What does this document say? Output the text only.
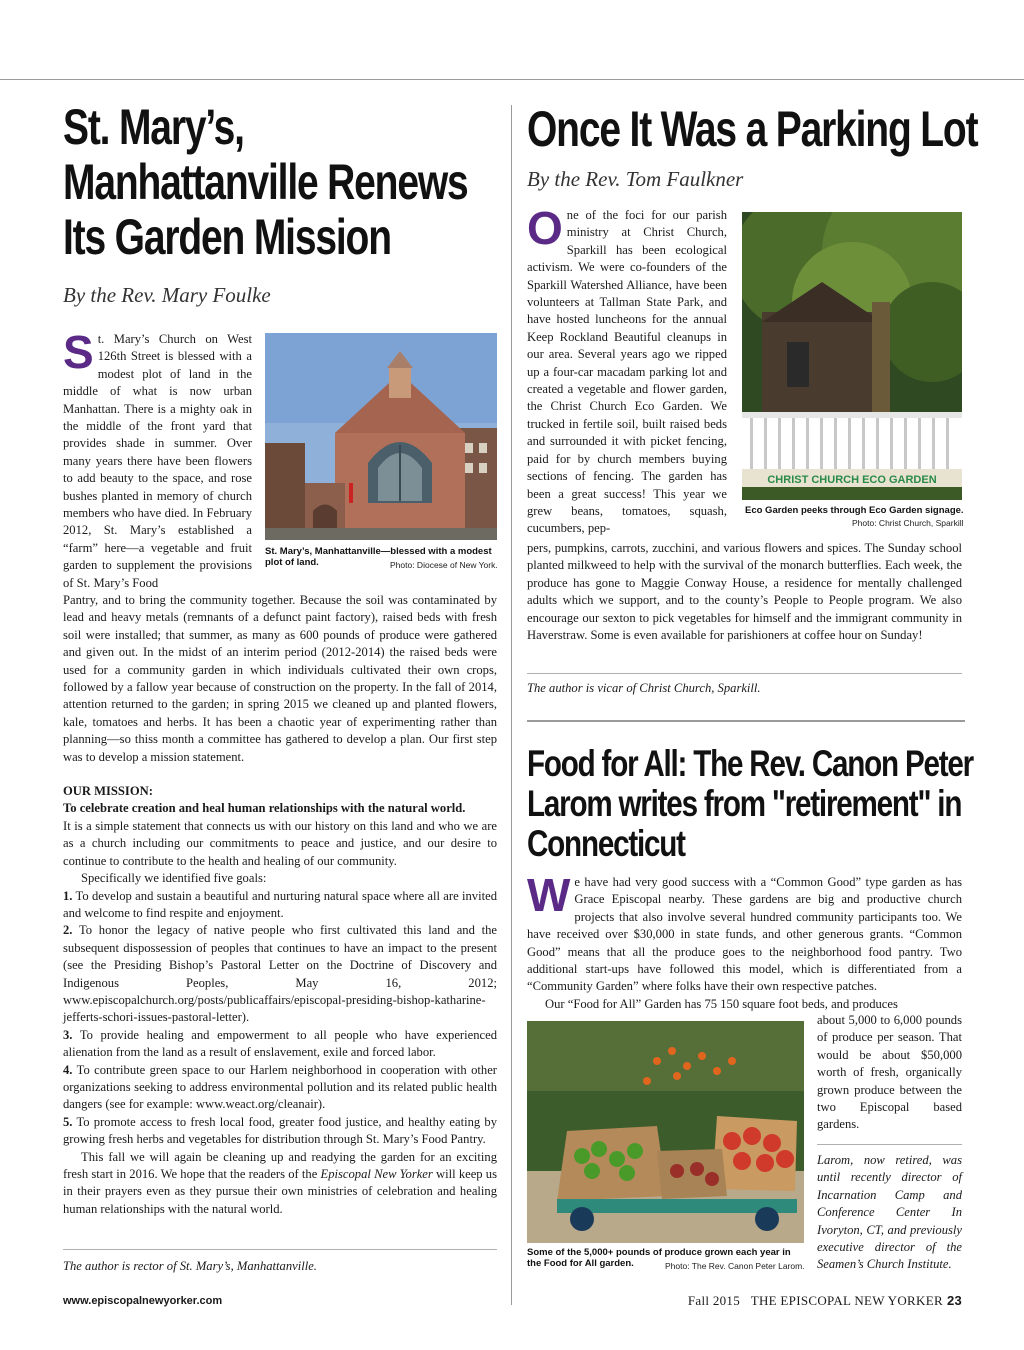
St. Mary’s, Manhattanville Renews Its Garden Mission
By the Rev. Mary Foulke
St. Mary’s Church on West 126th Street is blessed with a modest plot of land in the middle of what is now urban Manhattan. There is a mighty oak in the middle of the front yard that provides shade in summer. Over many years there have been flowers to add beauty to the space, and rose bushes planted in memory of church members who have died. In February 2012, St. Mary’s established a “farm” here—a vegetable and fruit garden to supplement the provisions of St. Mary’s Food
St. Mary’s, Manhattanville—blessed with a modest plot of land.	Photo: Diocese of New York.

Pantry, and to bring the community together. Because the soil was contaminated by lead and heavy metals (remnants of a defunct paint factory), raised beds with fresh soil were installed; that summer, as many as 600 pounds of produce were gathered and given out. In the midst of an interim period (2012-2014) the raised beds were used for a community garden in which individuals cultivated their own crops, followed by a fallow year because of construction on the property. In the fall of 2014, attention returned to the garden; in spring 2015 we cleaned up and planted flowers, kale, tomatoes and herbs. It has been a chaotic year of experimenting rather than planning—so thiss month a committee has gathered to develop a plan. Our first step was to develop a mission statement.

OUR MISSION:

To celebrate creation and heal human relationships with the natural world.

It is a simple statement that connects us with our history on this land and who we are as a church including our commitments to peace and justice, and our desire to continue to contribute to the health and healing of our community.

Specifically we identified five goals:

1. To develop and sustain a beautiful and nurturing natural space where all are invited and welcome to find respite and enjoyment.

2. To honor the legacy of native people who first cultivated this land and the subsequent dispossession of peoples that continues to have an impact to the present (see the Presiding Bishop’s Pastoral Letter on the Doctrine of Discovery and Indigenous Peoples, May 16, 2012; www.episcopalchurch.org/posts/publicaffairs/episcopal-presiding-bishop-katharine-jefferts-schori-issues-pastoral-letter).

3. To provide healing and empowerment to all people who have experienced alienation from the land as a result of enslavement, exile and forced labor.

4. To contribute green space to our Harlem neighborhood in cooperation with other organizations seeking to address environmental pollution and its related public health dangers (see for example: www.weact.org/cleanair).

5. To promote access to fresh local food, greater food justice, and healthy eating by growing fresh herbs and vegetables for distribution through St. Mary’s Food Pantry.

This fall we will again be cleaning up and readying the garden for an exciting fresh start in 2016. We hope that the readers of the Episcopal New Yorker will keep us in their prayers even as they pursue their own ministries of celebration and healing human relationships with the natural world.

The author is rector of St. Mary’s, Manhattanville.
Once It Was a Parking Lot
By the Rev. Tom Faulkner
One of the foci for our parish ministry at Christ Church, Sparkill has been ecological activism. We were co-founders of the Sparkill Watershed Alliance, have been volunteers at Tallman State Park, and have hosted luncheons for the annual Keep Rockland Beautiful cleanups in our area. Several years ago we ripped up a four-car macadam parking lot and created a vegetable and flower garden, the Christ Church Eco Garden. We trucked in fertile soil, built raised beds and surrounded it with picket fencing, paid for by church members buying sections of fencing. The garden has been a great success! This year we grew beans, tomatoes, squash, cucumbers, pep-
CHRIST CHURCH ECO GARDEN
Eco Garden peeks through Eco Garden signage.
Photo: Christ Church, Sparkill

pers, pumpkins, carrots, zucchini, and various flowers and spices. The Sunday school planted milkweed to help with the survival of the monarch butterflies. Each week, the produce has gone to Maggie Conway House, a residence for mentally challenged adults which we support, and to the county’s People to People program. We also encourage our sexton to pick vegetables for himself and the immigrant community in Haverstraw. Some is even available for parishioners at coffee hour on Sunday!

The author is vicar of Christ Church, Sparkill.
Food for All: The Rev. Canon Peter Larom writes from "retirement" in Connecticut
We have had very good success with a “Common Good” type garden as has Grace Episcopal nearby. These gardens are big and productive church projects that also involve several hundred community participants too. We have received over $30,000 in state funds, and other generous grants. “Common Good” means that all the produce goes to the neighborhood food pantry. Two additional start-ups have followed this model, which is differentiated from a “Community Garden” where folks have their own respective patches.

Our “Food for All” Garden has 75 150 square foot beds, and produces

about 5,000 to 6,000 pounds of produce per season. That would be about $50,000 worth of fresh, organically grown produce between the two Episcopal based gardens.
Some of the 5,000+ pounds of produce grown each year in the Food for All garden.	Photo: The Rev. Canon Peter Larom.
Larom, now retired, was until recently director of Incarnation Camp and Conference Center In Ivoryton, CT, and previously executive director of the Seamen’s Church Institute.
www.episcopalnewyorker.com	Fall 2015 THE EPISCOPAL NEW YORKER 23
